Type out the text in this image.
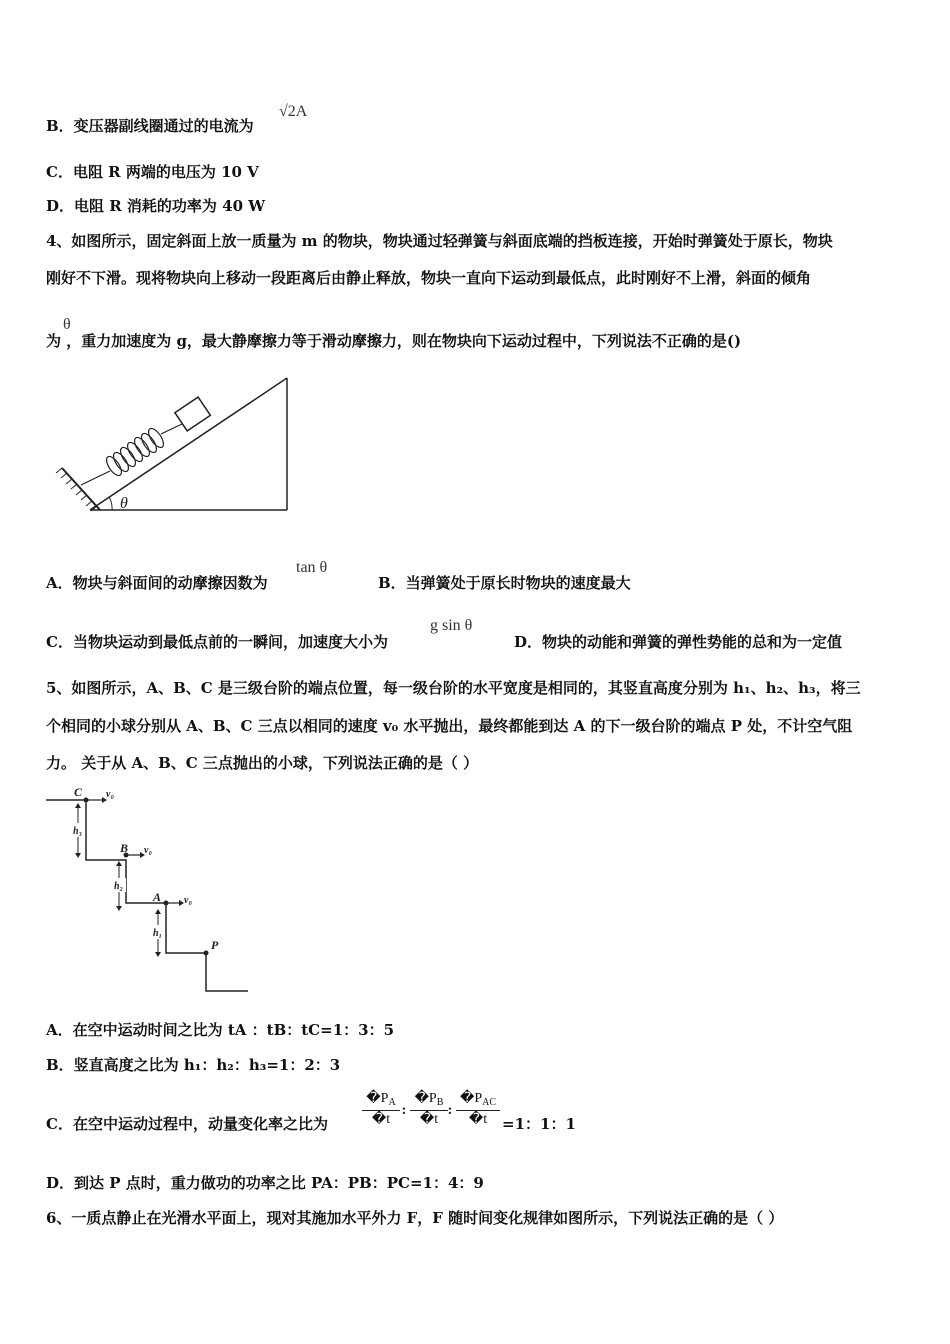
B．变压器副线圈通过的电流为
√2A
C．电阻 R 两端的电压为 10 V
D．电阻 R 消耗的功率为 40 W
4、如图所示，固定斜面上放一质量为 m 的物块，物块通过轻弹簧与斜面底端的挡板连接，开始时弹簧处于原长，物块
刚好不下滑。现将物块向上移动一段距离后由静止释放，物块一直向下运动到最低点，此时刚好不上滑，斜面的倾角
θ
为 ，重力加速度为 g，最大静摩擦力等于滑动摩擦力，则在物块向下运动过程中，下列说法不正确的是()
θ
A．物块与斜面间的动摩擦因数为
tan θ
B．当弹簧处于原长时物块的速度最大
C．当物块运动到最低点前的一瞬间，加速度大小为
g sin θ
D．物块的动能和弹簧的弹性势能的总和为一定值
5、如图所示，A、B、C 是三级台阶的端点位置，每一级台阶的水平宽度是相同的，其竖直高度分别为 h₁、h₂、h₃，将三
个相同的小球分别从 A、B、C 三点以相同的速度 v₀ 水平抛出，最终都能到达 A 的下一级台阶的端点 P 处，不计空气阻
力。 关于从 A、B、C 三点抛出的小球，下列说法正确的是（ ）
C v₀
h₃
B v₀
h₂
A v₀
h₁
P
A．在空中运动时间之比为 tA ：tB：tC=1：3：5
B．竖直高度之比为 h₁：h₂：h₃=1：2：3
C．在空中运动过程中，动量变化率之比为 $\frac{�P_A}{�t}$ : $\frac{�P_B}{�t}$ :
$�P_{AC}$
�t =1：1：1
D．到达 P 点时，重力做功的功率之比 PA：PB：PC=1：4：9
6、一质点静止在光滑水平面上，现对其施加水平外力 F，F 随时间变化规律如图所示，下列说法正确的是（ ）
